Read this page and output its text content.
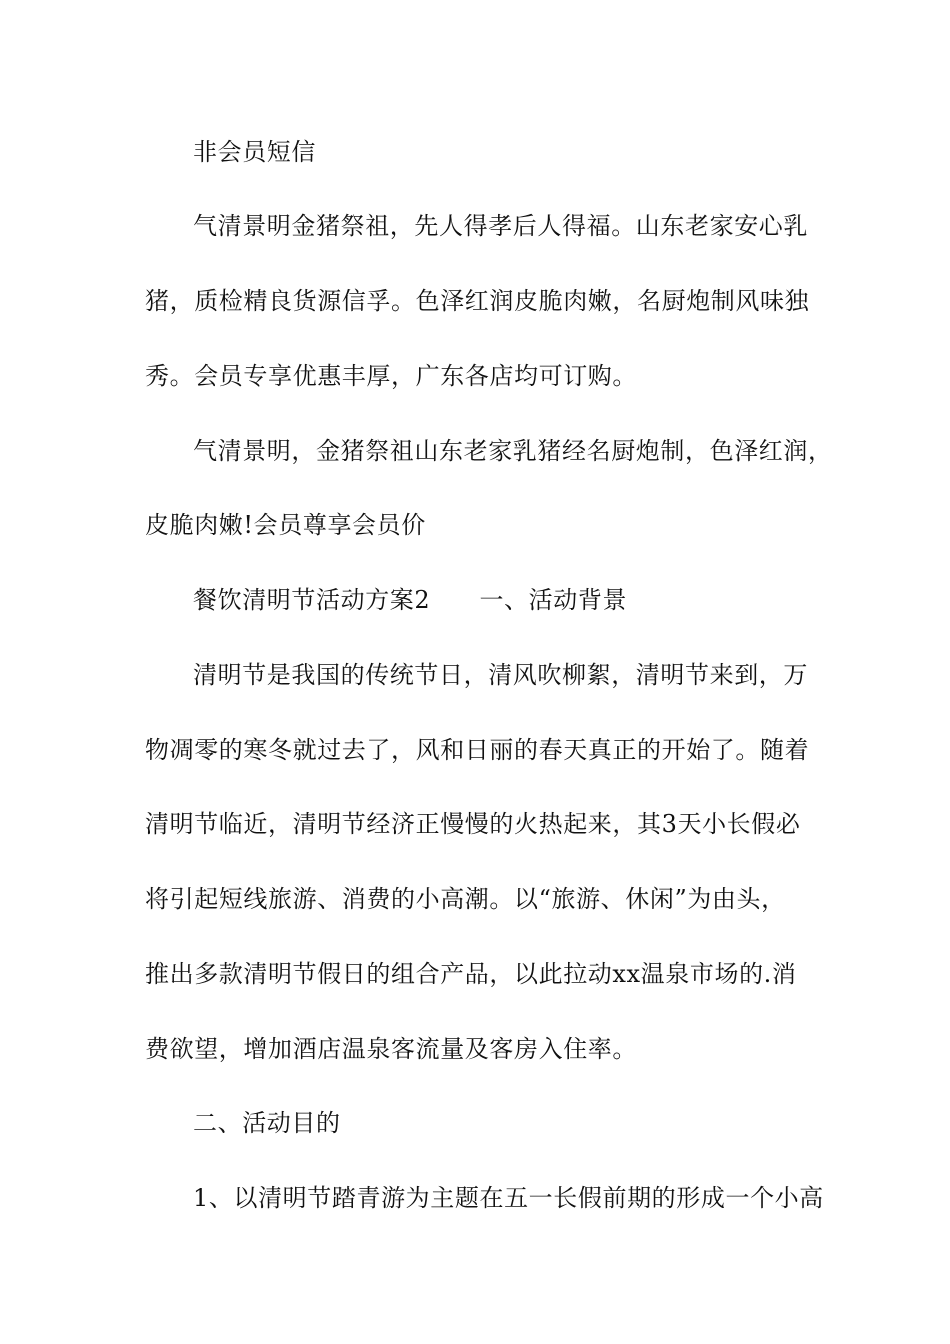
非会员短信
气清景明金猪祭祖，先人得孝后人得福。山东老家安心乳
猪，质检精良货源信孚。色泽红润皮脆肉嫩，名厨炮制风味独
秀。会员专享优惠丰厚，广东各店均可订购。
气清景明，金猪祭祖山东老家乳猪经名厨炮制，色泽红润，
皮脆肉嫩!会员尊享会员价
餐饮清明节活动方案2　　一、活动背景
清明节是我国的传统节日，清风吹柳絮，清明节来到，万
物凋零的寒冬就过去了，风和日丽的春天真正的开始了。随着
清明节临近，清明节经济正慢慢的火热起来，其3天小长假必
将引起短线旅游、消费的小高潮。以“旅游、休闲”为由头，
推出多款清明节假日的组合产品，以此拉动xx温泉市场的.消
费欲望，增加酒店温泉客流量及客房入住率。
二、活动目的
1、以清明节踏青游为主题在五一长假前期的形成一个小高
